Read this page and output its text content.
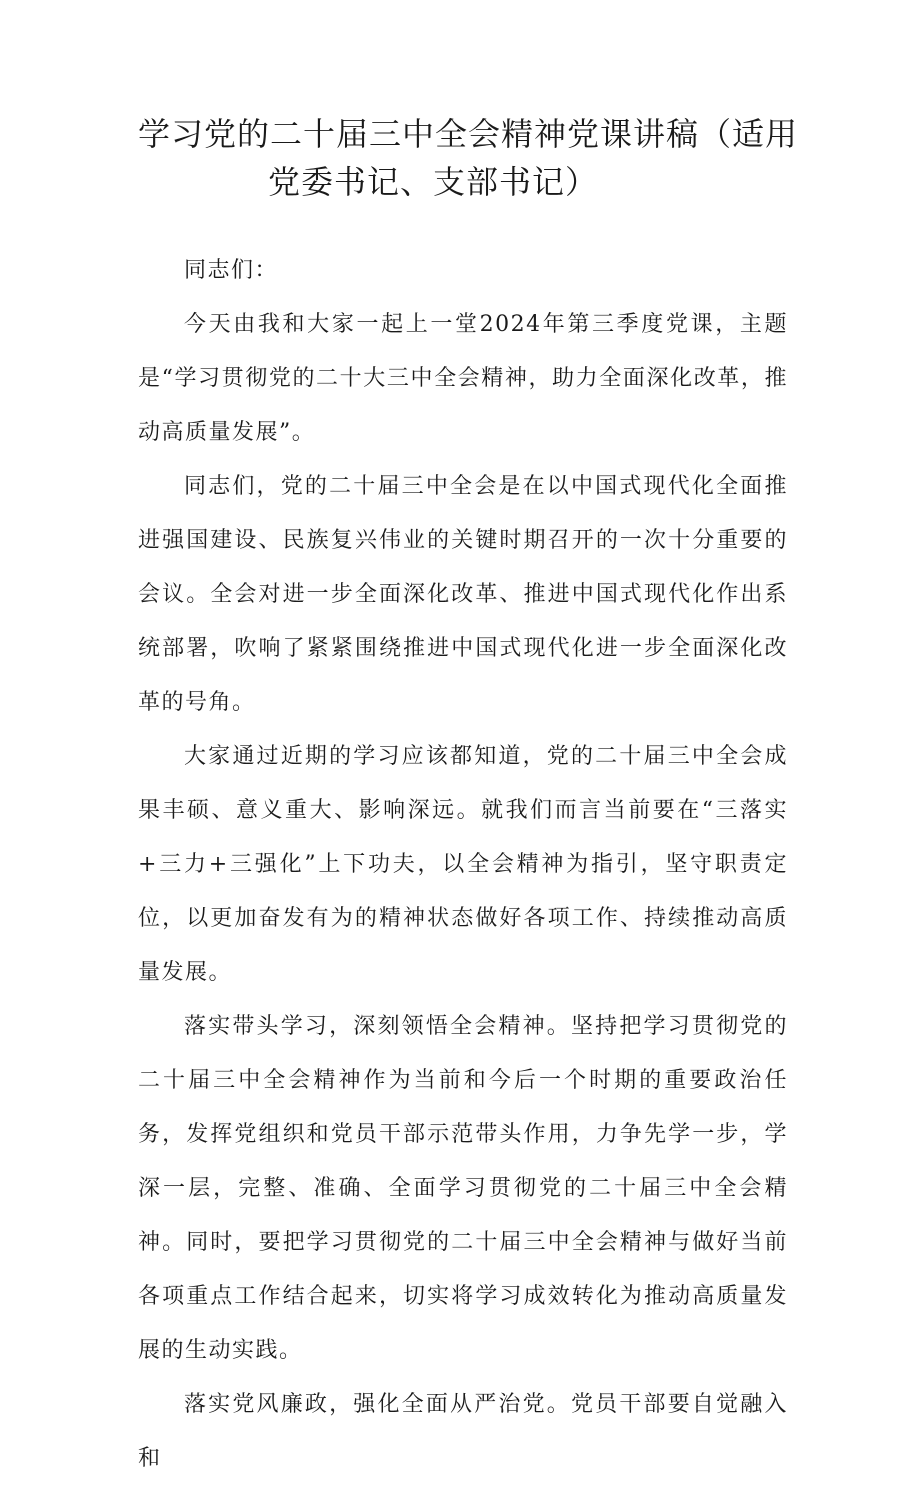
学习党的二十届三中全会精神党课讲稿（适用
党委书记、支部书记）

同志们：

今天由我和大家一起上一堂2024年第三季度党课，主题是“学习贯彻党的二十大三中全会精神，助力全面深化改革，推动高质量发展”。

同志们，党的二十届三中全会是在以中国式现代化全面推进强国建设、民族复兴伟业的关键时期召开的一次十分重要的会议。全会对进一步全面深化改革、推进中国式现代化作出系统部署，吹响了紧紧围绕推进中国式现代化进一步全面深化改革的号角。

大家通过近期的学习应该都知道，党的二十届三中全会成果丰硕、意义重大、影响深远。就我们而言当前要在“三落实+三力+三强化”上下功夫，以全会精神为指引，坚守职责定位，以更加奋发有为的精神状态做好各项工作、持续推动高质量发展。

落实带头学习，深刻领悟全会精神。坚持把学习贯彻党的二十届三中全会精神作为当前和今后一个时期的重要政治任务，发挥党组织和党员干部示范带头作用，力争先学一步，学深一层，完整、准确、全面学习贯彻党的二十届三中全会精神。同时，要把学习贯彻党的二十届三中全会精神与做好当前各项重点工作结合起来，切实将学习成效转化为推动高质量发展的生动实践。

落实党风廉政，强化全面从严治党。党员干部要自觉融入和
